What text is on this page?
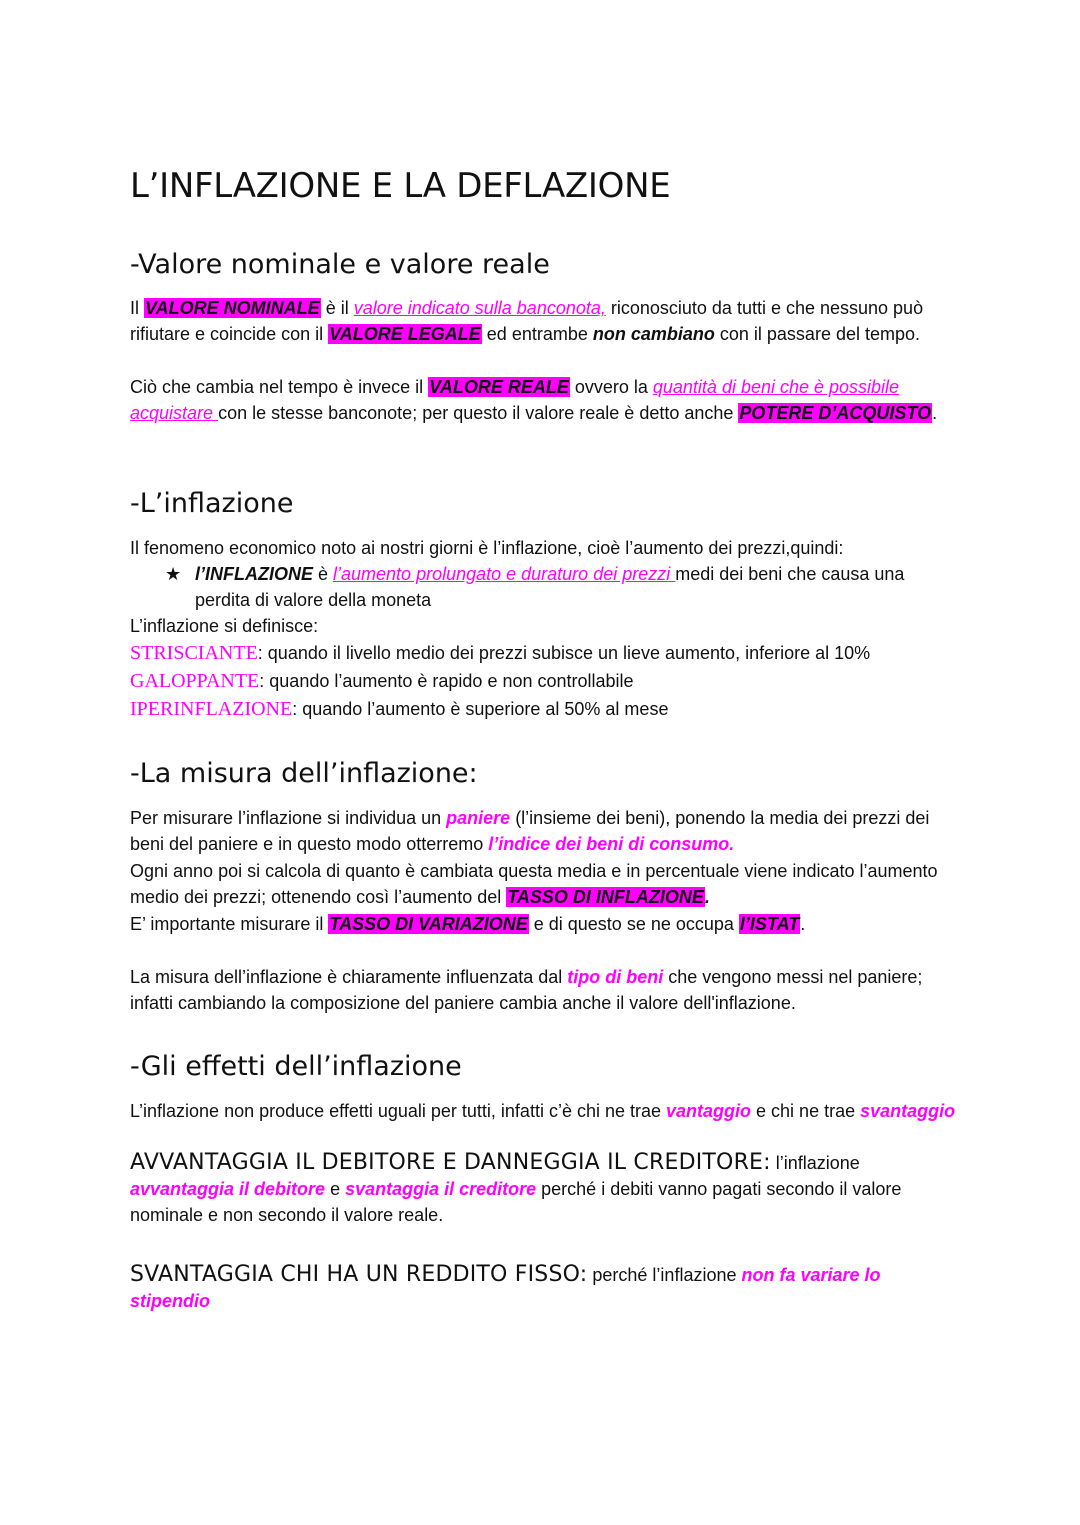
L’INFLAZIONE E LA DEFLAZIONE
-Valore nominale e valore reale
Il VALORE NOMINALE è il valore indicato sulla banconota, riconosciuto da tutti e che nessuno può rifiutare e coincide con il VALORE LEGALE ed entrambe non cambiano con il passare del tempo.
Ciò che cambia nel tempo è invece il VALORE REALE ovvero la quantità di beni che è possibile acquistare con le stesse banconote; per questo il valore reale è detto anche POTERE D’ACQUISTO.
-L’inflazione
Il fenomeno economico noto ai nostri giorni è l’inflazione, cioè l’aumento dei prezzi,quindi:
★ l’INFLAZIONE è l’aumento prolungato e duraturo dei prezzi medi dei beni che causa una perdita di valore della moneta
L’inflazione si definisce:
STRISCIANTE: quando il livello medio dei prezzi subisce un lieve aumento, inferiore al 10%
GALOPPANTE: quando l’aumento è rapido e non controllabile
IPERINFLAZIONE: quando l’aumento è superiore al 50% al mese
-La misura dell’inflazione:
Per misurare l’inflazione si individua un paniere (l’insieme dei beni), ponendo la media dei prezzi dei beni del paniere e in questo modo otterremo l’indice dei beni di consumo.
Ogni anno poi si calcola di quanto è cambiata questa media e in percentuale viene indicato l’aumento medio dei prezzi; ottenendo così l’aumento del TASSO DI INFLAZIONE.
E’ importante misurare il TASSO DI VARIAZIONE e di questo se ne occupa l’ISTAT.
La misura dell’inflazione è chiaramente influenzata dal tipo di beni che vengono messi nel paniere; infatti cambiando la composizione del paniere cambia anche il valore dell'inflazione.
-Gli effetti dell’inflazione
L’inflazione non produce effetti uguali per tutti, infatti c’è chi ne trae vantaggio e chi ne trae svantaggio
AVVANTAGGIA IL DEBITORE E DANNEGGIA IL CREDITORE: l’inflazione avvantaggia il debitore e svantaggia il creditore perché i debiti vanno pagati secondo il valore nominale e non secondo il valore reale.
SVANTAGGIA CHI HA UN REDDITO FISSO: perché l’inflazione non fa variare lo stipendio
